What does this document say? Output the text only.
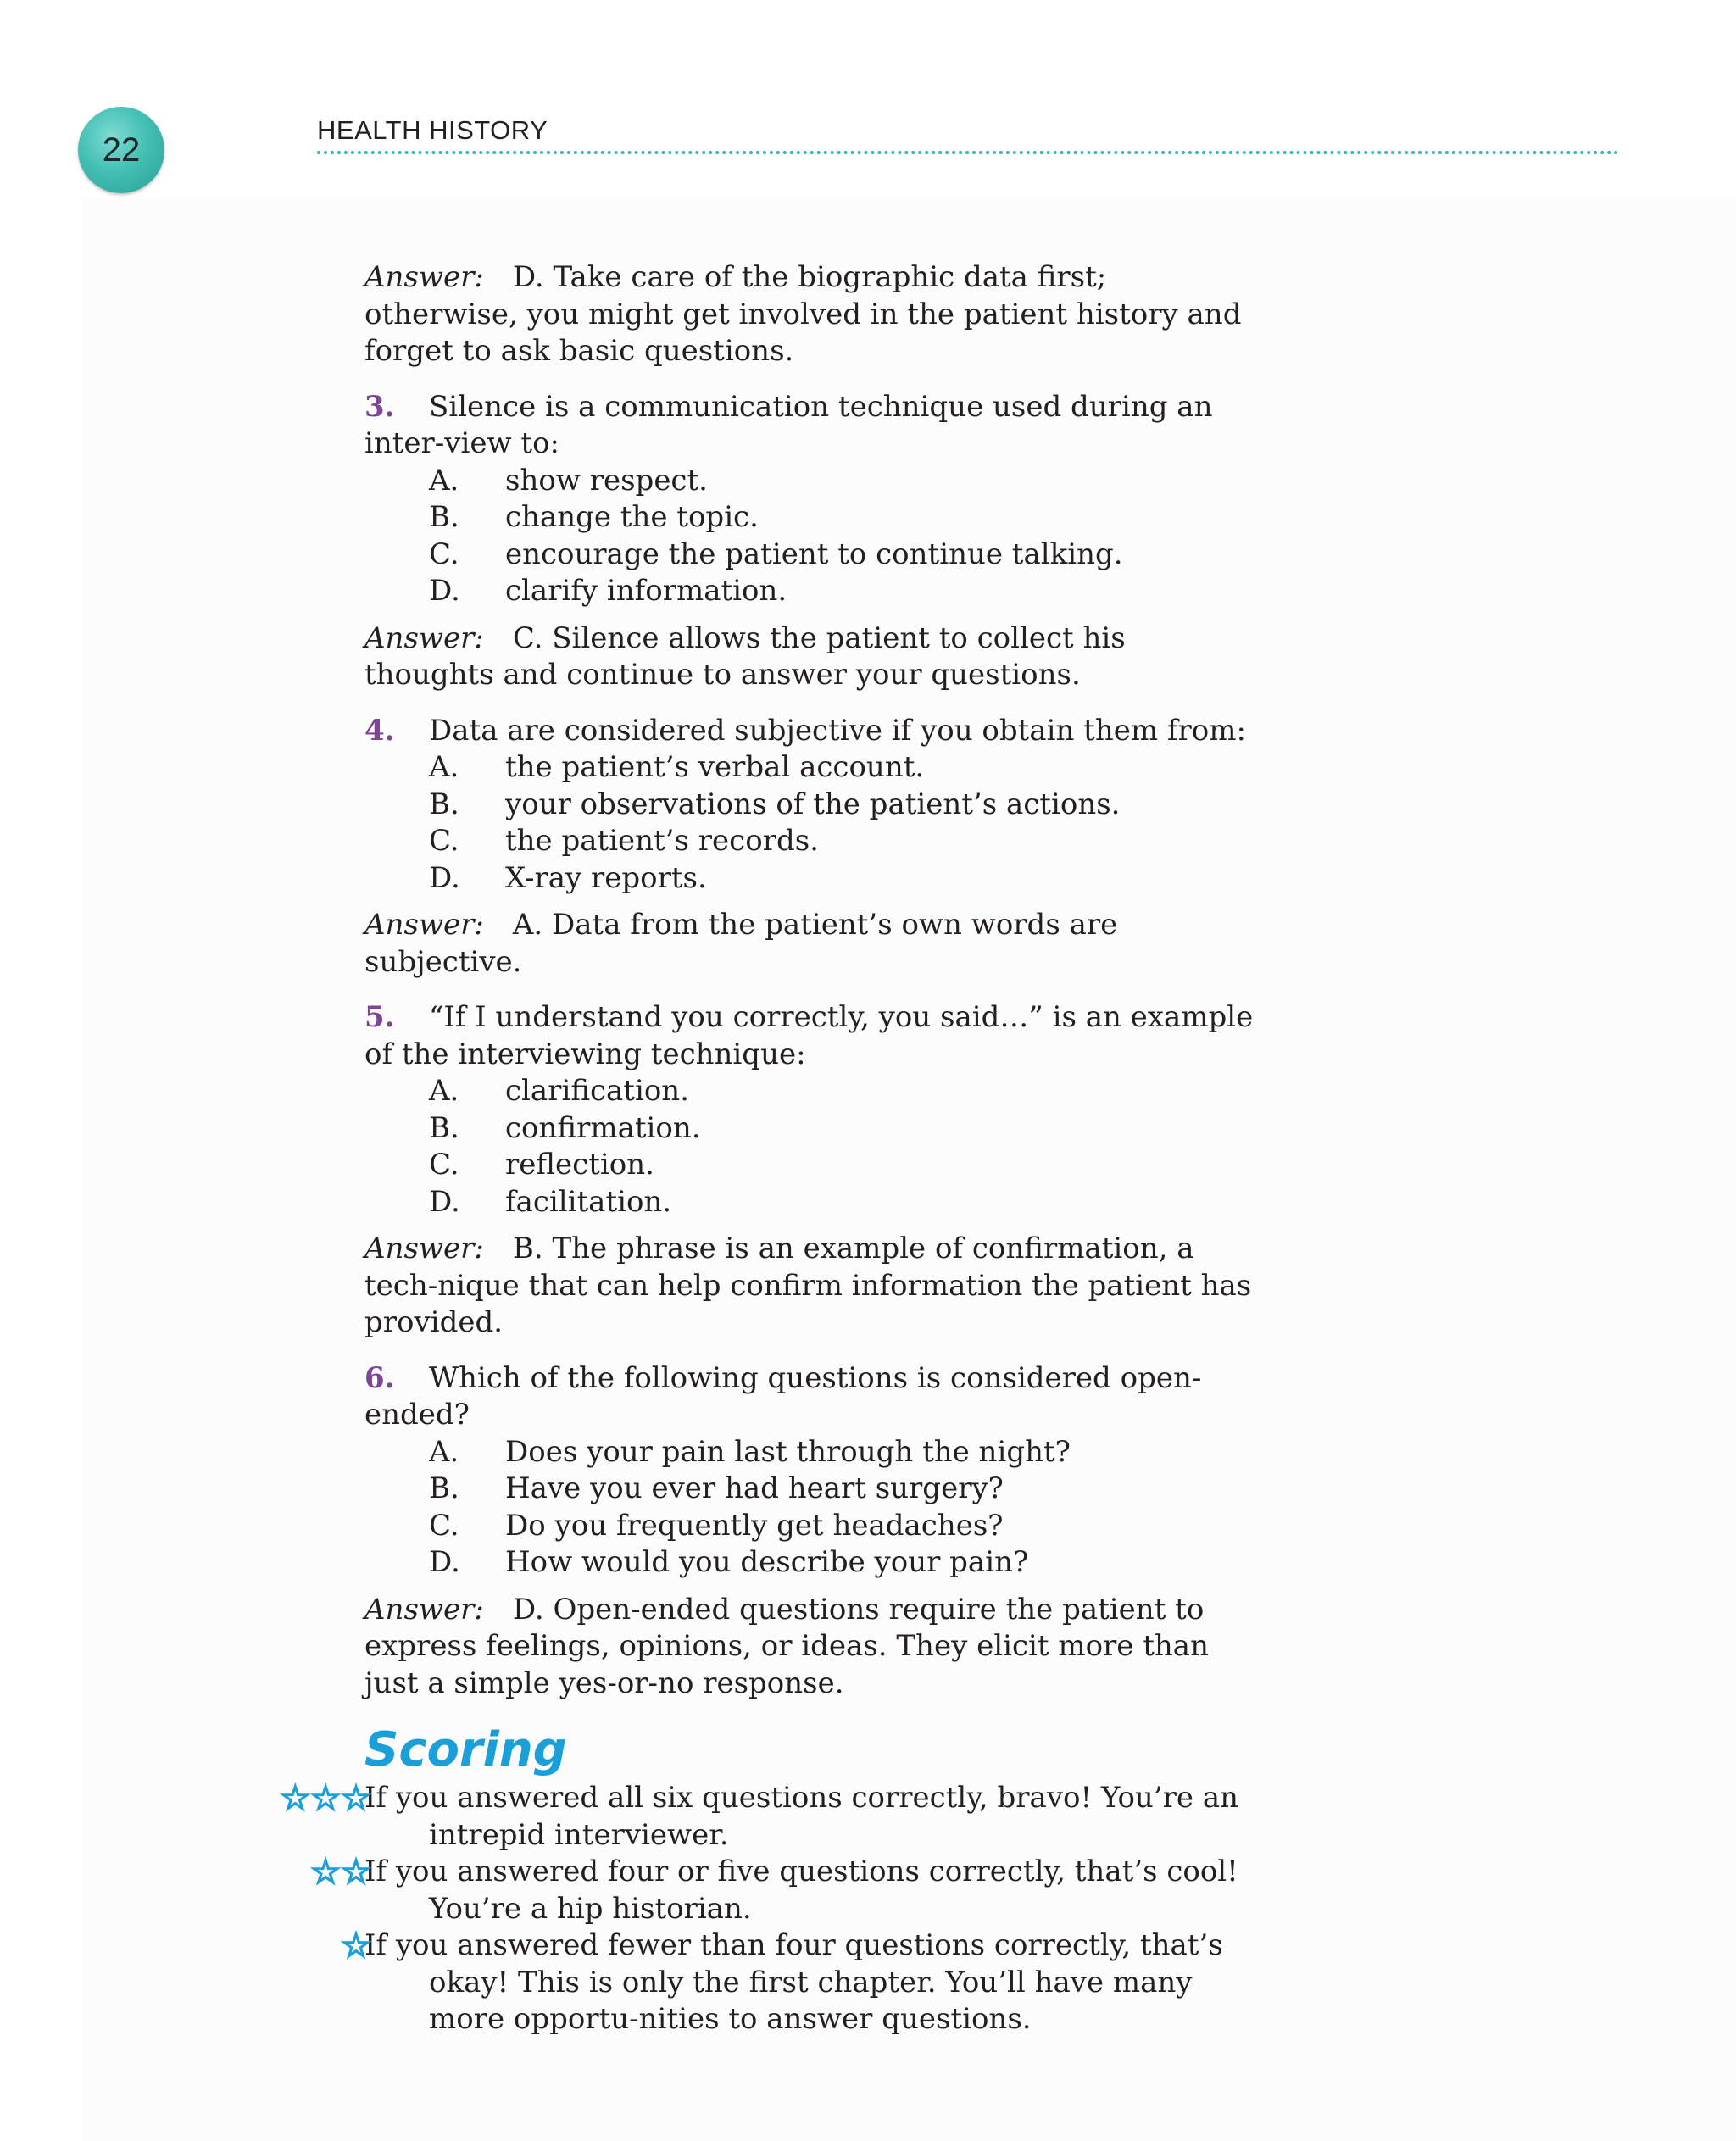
22
HEALTH HISTORY

Answer: D. Take care of the biographic data first; otherwise, you might get involved in the patient history and forget to ask basic questions.

3. Silence is a communication technique used during an inter-view to:

A.	show respect.
B.	change the topic.
C.	encourage the patient to continue talking.
D.	clarify information.

Answer: C. Silence allows the patient to collect his thoughts and continue to answer your questions.

4. Data are considered subjective if you obtain them from:

A.	the patient’s verbal account.
B.	your observations of the patient’s actions.
C.	the patient’s records.
D.	X-ray reports.

Answer: A. Data from the patient’s own words are subjective.

5. “If I understand you correctly, you said…” is an example of the interviewing technique:

A.	clarification.
B.	confirmation.
C.	reflection.
D.	facilitation.

Answer: B. The phrase is an example of confirmation, a tech-nique that can help confirm information the patient has provided.

6. Which of the following questions is considered open-ended?

A.	Does your pain last through the night?
B.	Have you ever had heart surgery?
C.	Do you frequently get headaches?
D.	How would you describe your pain?

Answer: D. Open-ended questions require the patient to express feelings, opinions, or ideas. They elicit more than just a simple yes-or-no response.

Scoring

☆☆☆
If you answered all six questions correctly, bravo! You’re an intrepid interviewer.

☆☆
If you answered four or five questions correctly, that’s cool! You’re a hip historian.

☆
If you answered fewer than four questions correctly, that’s okay! This is only the first chapter. You’ll have many more opportu-nities to answer questions.
